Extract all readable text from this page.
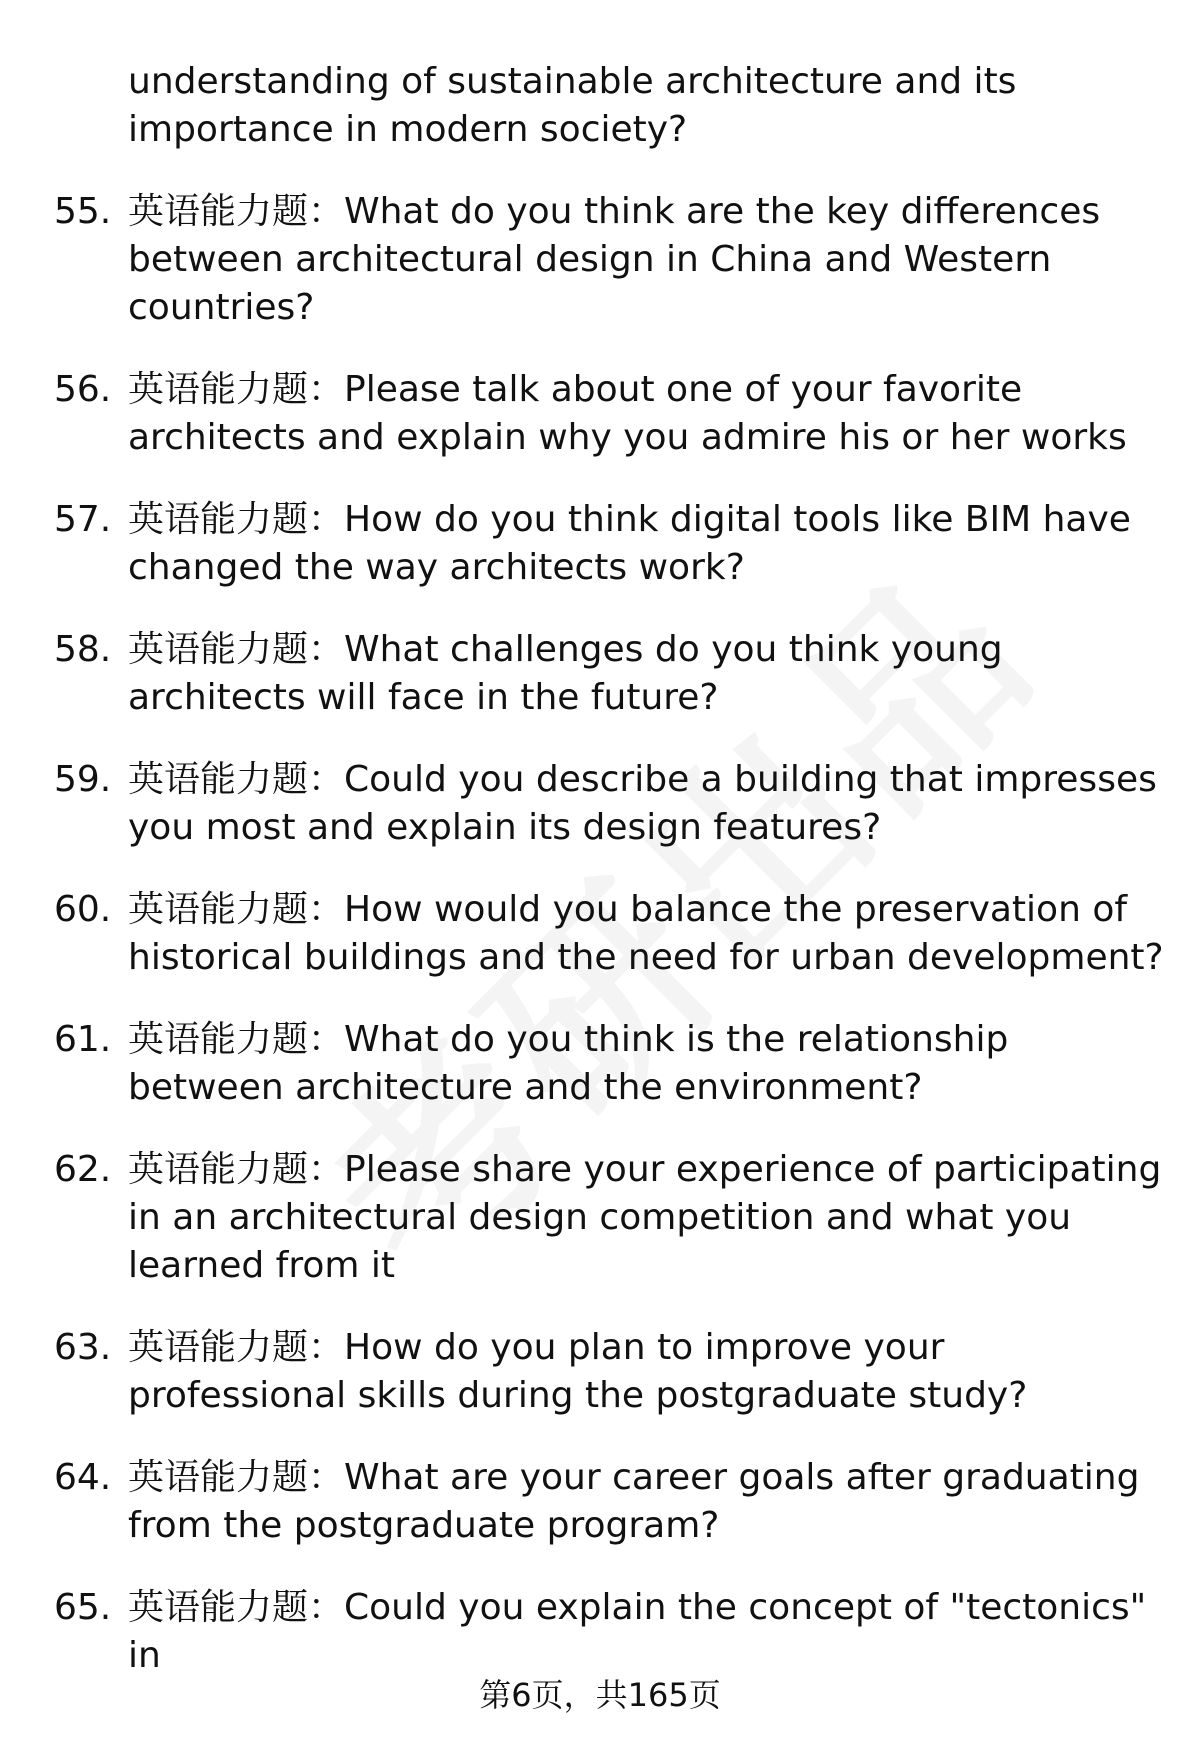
understanding of sustainable architecture and its importance in modern society?
55. 英语能力题：What do you think are the key differences between architectural design in China and Western countries?
56. 英语能力题：Please talk about one of your favorite architects and explain why you admire his or her works
57. 英语能力题：How do you think digital tools like BIM have changed the way architects work?
58. 英语能力题：What challenges do you think young architects will face in the future?
59. 英语能力题：Could you describe a building that impresses you most and explain its design features?
60. 英语能力题：How would you balance the preservation of historical buildings and the need for urban development?
61. 英语能力题：What do you think is the relationship between architecture and the environment?
62. 英语能力题：Please share your experience of participating in an architectural design competition and what you learned from it
63. 英语能力题：How do you plan to improve your professional skills during the postgraduate study?
64. 英语能力题：What are your career goals after graduating from the postgraduate program?
65. 英语能力题：Could you explain the concept of "tectonics" in
第6页，共165页
